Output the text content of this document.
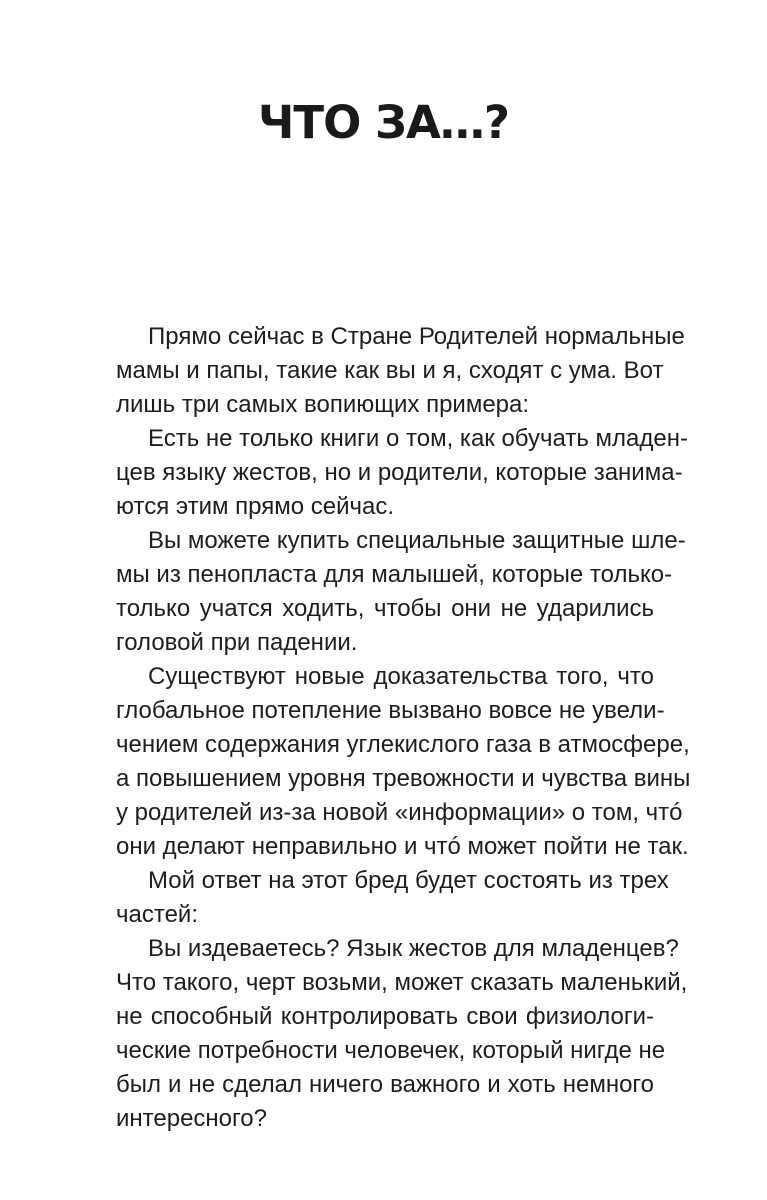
ЧТО ЗА…?
Прямо сейчас в Стране Родителей нормальные
мамы и папы, такие как вы и я, сходят с ума. Вот
лишь три самых вопиющих примера:
Есть не только книги о том, как обучать младен-
цев языку жестов, но и родители, которые занима-
ются этим прямо сейчас.
Вы можете купить специальные защитные шле-
мы из пенопласта для малышей, которые только-
только учатся ходить, чтобы они не ударились
головой при падении.
Существуют новые доказательства того, что
глобальное потепление вызвано вовсе не увели-
чением содержания углекислого газа в атмосфере,
а повышением уровня тревожности и чувства вины
у родителей из-за новой «информации» о том, чтó
они делают неправильно и чтó может пойти не так.
Мой ответ на этот бред будет состоять из трех
частей:
Вы издеваетесь? Язык жестов для младенцев?
Что такого, черт возьми, может сказать маленький,
не способный контролировать свои физиологи-
ческие потребности человечек, который нигде не
был и не сделал ничего важного и хоть немного
интересного?
